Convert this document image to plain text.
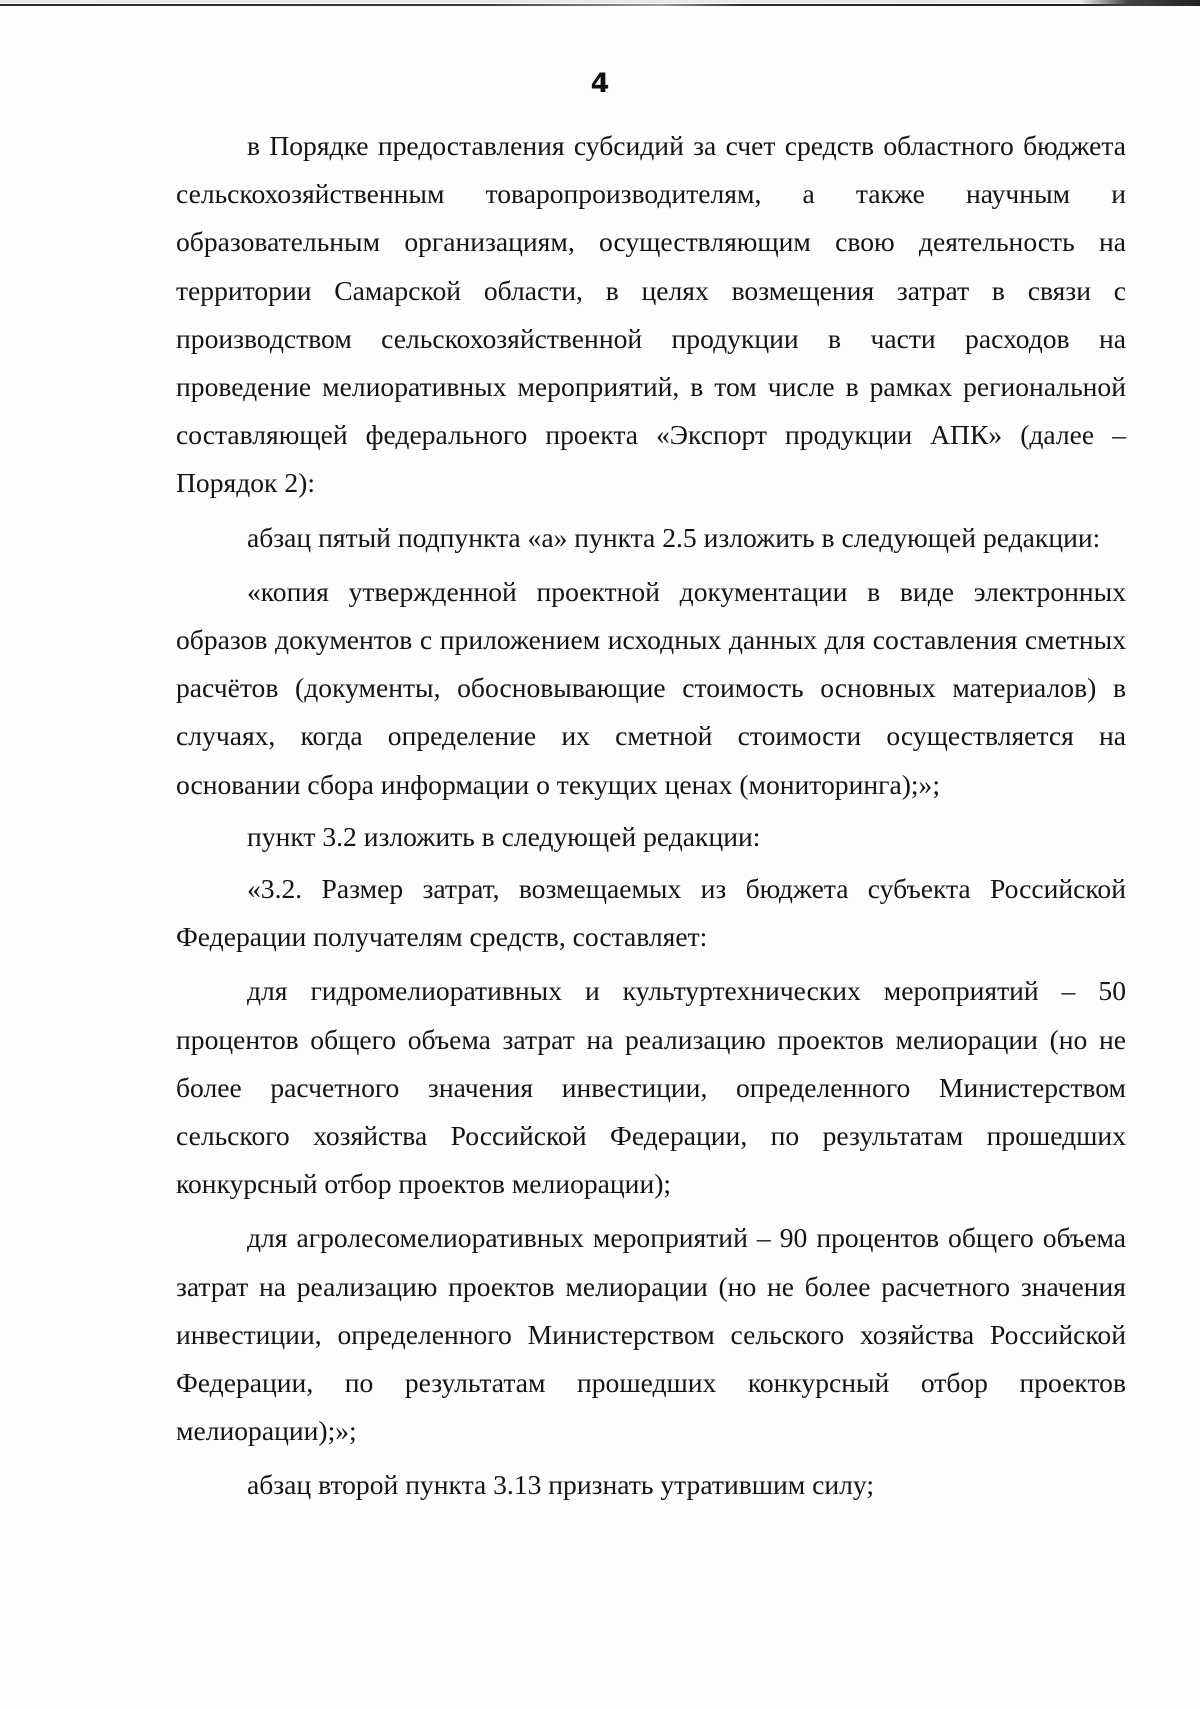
4

в Порядке предоставления субсидий за счет средств областного бюджета сельскохозяйственным товаропроизводителям, а также научным и образовательным организациям, осуществляющим свою деятельность на территории Самарской области, в целях возмещения затрат в связи с производством сельскохозяйственной продукции в части расходов на проведение мелиоративных мероприятий, в том числе в рамках региональной составляющей федерального проекта «Экспорт продукции АПК» (далее – Порядок 2):

абзац пятый подпункта «а» пункта 2.5 изложить в следующей редакции:

«копия утвержденной проектной документации в виде электронных образов документов с приложением исходных данных для составления сметных расчётов (документы, обосновывающие стоимость основных материалов) в случаях, когда определение их сметной стоимости осуществляется на основании сбора информации о текущих ценах (мониторинга);»;

пункт 3.2 изложить в следующей редакции:

«3.2. Размер затрат, возмещаемых из бюджета субъекта Российской Федерации получателям средств, составляет:

для гидромелиоративных и культуртехнических мероприятий – 50 процентов общего объема затрат на реализацию проектов мелиорации (но не более расчетного значения инвестиции, определенного Министерством сельского хозяйства Российской Федерации, по результатам прошедших конкурсный отбор проектов мелиорации);

для агролесомелиоративных мероприятий – 90 процентов общего объема затрат на реализацию проектов мелиорации (но не более расчетного значения инвестиции, определенного Министерством сельского хозяйства Российской Федерации, по результатам прошедших конкурсный отбор проектов мелиорации);»;

абзац второй пункта 3.13 признать утратившим силу;
